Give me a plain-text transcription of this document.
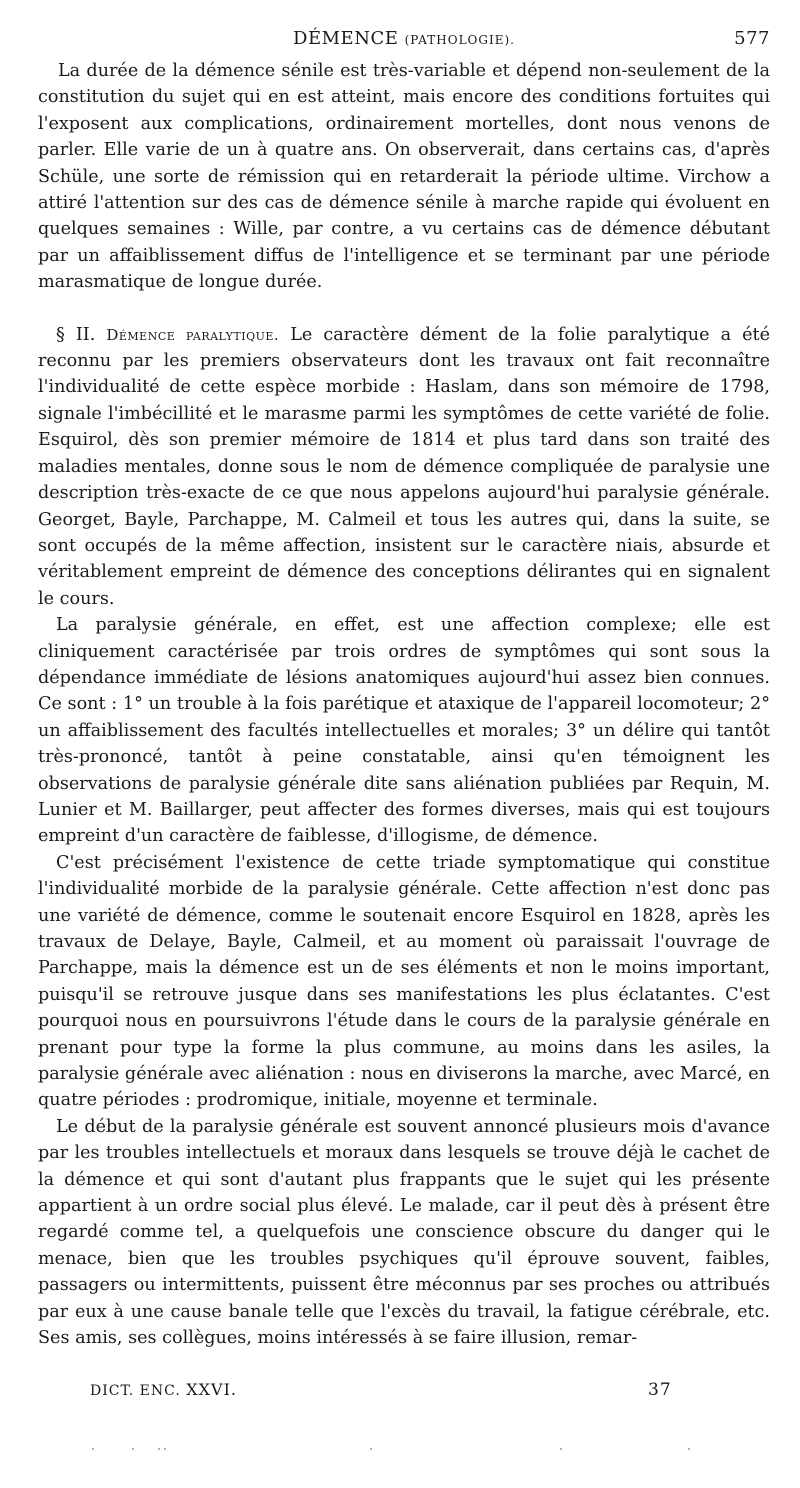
DÉMENCE (PATHOLOGIE).	577

La durée de la démence sénile est très-variable et dépend non-seulement de la constitution du sujet qui en est atteint, mais encore des conditions fortuites qui l'exposent aux complications, ordinairement mortelles, dont nous venons de parler. Elle varie de un à quatre ans. On observerait, dans certains cas, d'après Schüle, une sorte de rémission qui en retarderait la période ultime. Virchow a attiré l'attention sur des cas de démence sénile à marche rapide qui évoluent en quelques semaines : Wille, par contre, a vu certains cas de démence débutant par un affaiblissement diffus de l'intelligence et se terminant par une période marasmatique de longue durée.

§ II. Démence paralytique. Le caractère dément de la folie paralytique a été reconnu par les premiers observateurs dont les travaux ont fait reconnaître l'individualité de cette espèce morbide : Haslam, dans son mémoire de 1798, signale l'imbécillité et le marasme parmi les symptômes de cette variété de folie. Esquirol, dès son premier mémoire de 1814 et plus tard dans son traité des maladies mentales, donne sous le nom de démence compliquée de paralysie une description très-exacte de ce que nous appelons aujourd'hui paralysie générale. Georget, Bayle, Parchappe, M. Calmeil et tous les autres qui, dans la suite, se sont occupés de la même affection, insistent sur le caractère niais, absurde et véritablement empreint de démence des conceptions délirantes qui en signalent le cours.

La paralysie générale, en effet, est une affection complexe; elle est cliniquement caractérisée par trois ordres de symptômes qui sont sous la dépendance immédiate de lésions anatomiques aujourd'hui assez bien connues. Ce sont : 1° un trouble à la fois parétique et ataxique de l'appareil locomoteur; 2° un affaiblissement des facultés intellectuelles et morales; 3° un délire qui tantôt très-prononcé, tantôt à peine constatable, ainsi qu'en témoignent les observations de paralysie générale dite sans aliénation publiées par Requin, M. Lunier et M. Baillarger, peut affecter des formes diverses, mais qui est toujours empreint d'un caractère de faiblesse, d'illogisme, de démence.

C'est précisément l'existence de cette triade symptomatique qui constitue l'individualité morbide de la paralysie générale. Cette affection n'est donc pas une variété de démence, comme le soutenait encore Esquirol en 1828, après les travaux de Delaye, Bayle, Calmeil, et au moment où paraissait l'ouvrage de Parchappe, mais la démence est un de ses éléments et non le moins important, puisqu'il se retrouve jusque dans ses manifestations les plus éclatantes. C'est pourquoi nous en poursuivrons l'étude dans le cours de la paralysie générale en prenant pour type la forme la plus commune, au moins dans les asiles, la paralysie générale avec aliénation : nous en diviserons la marche, avec Marcé, en quatre périodes : prodromique, initiale, moyenne et terminale.

Le début de la paralysie générale est souvent annoncé plusieurs mois d'avance par les troubles intellectuels et moraux dans lesquels se trouve déjà le cachet de la démence et qui sont d'autant plus frappants que le sujet qui les présente appartient à un ordre social plus élevé. Le malade, car il peut dès à présent être regardé comme tel, a quelquefois une conscience obscure du danger qui le menace, bien que les troubles psychiques qu'il éprouve souvent, faibles, passagers ou intermittents, puissent être méconnus par ses proches ou attribués par eux à une cause banale telle que l'excès du travail, la fatigue cérébrale, etc. Ses amis, ses collègues, moins intéressés à se faire illusion, remar-

DICT. ENC. XXVI.	37
